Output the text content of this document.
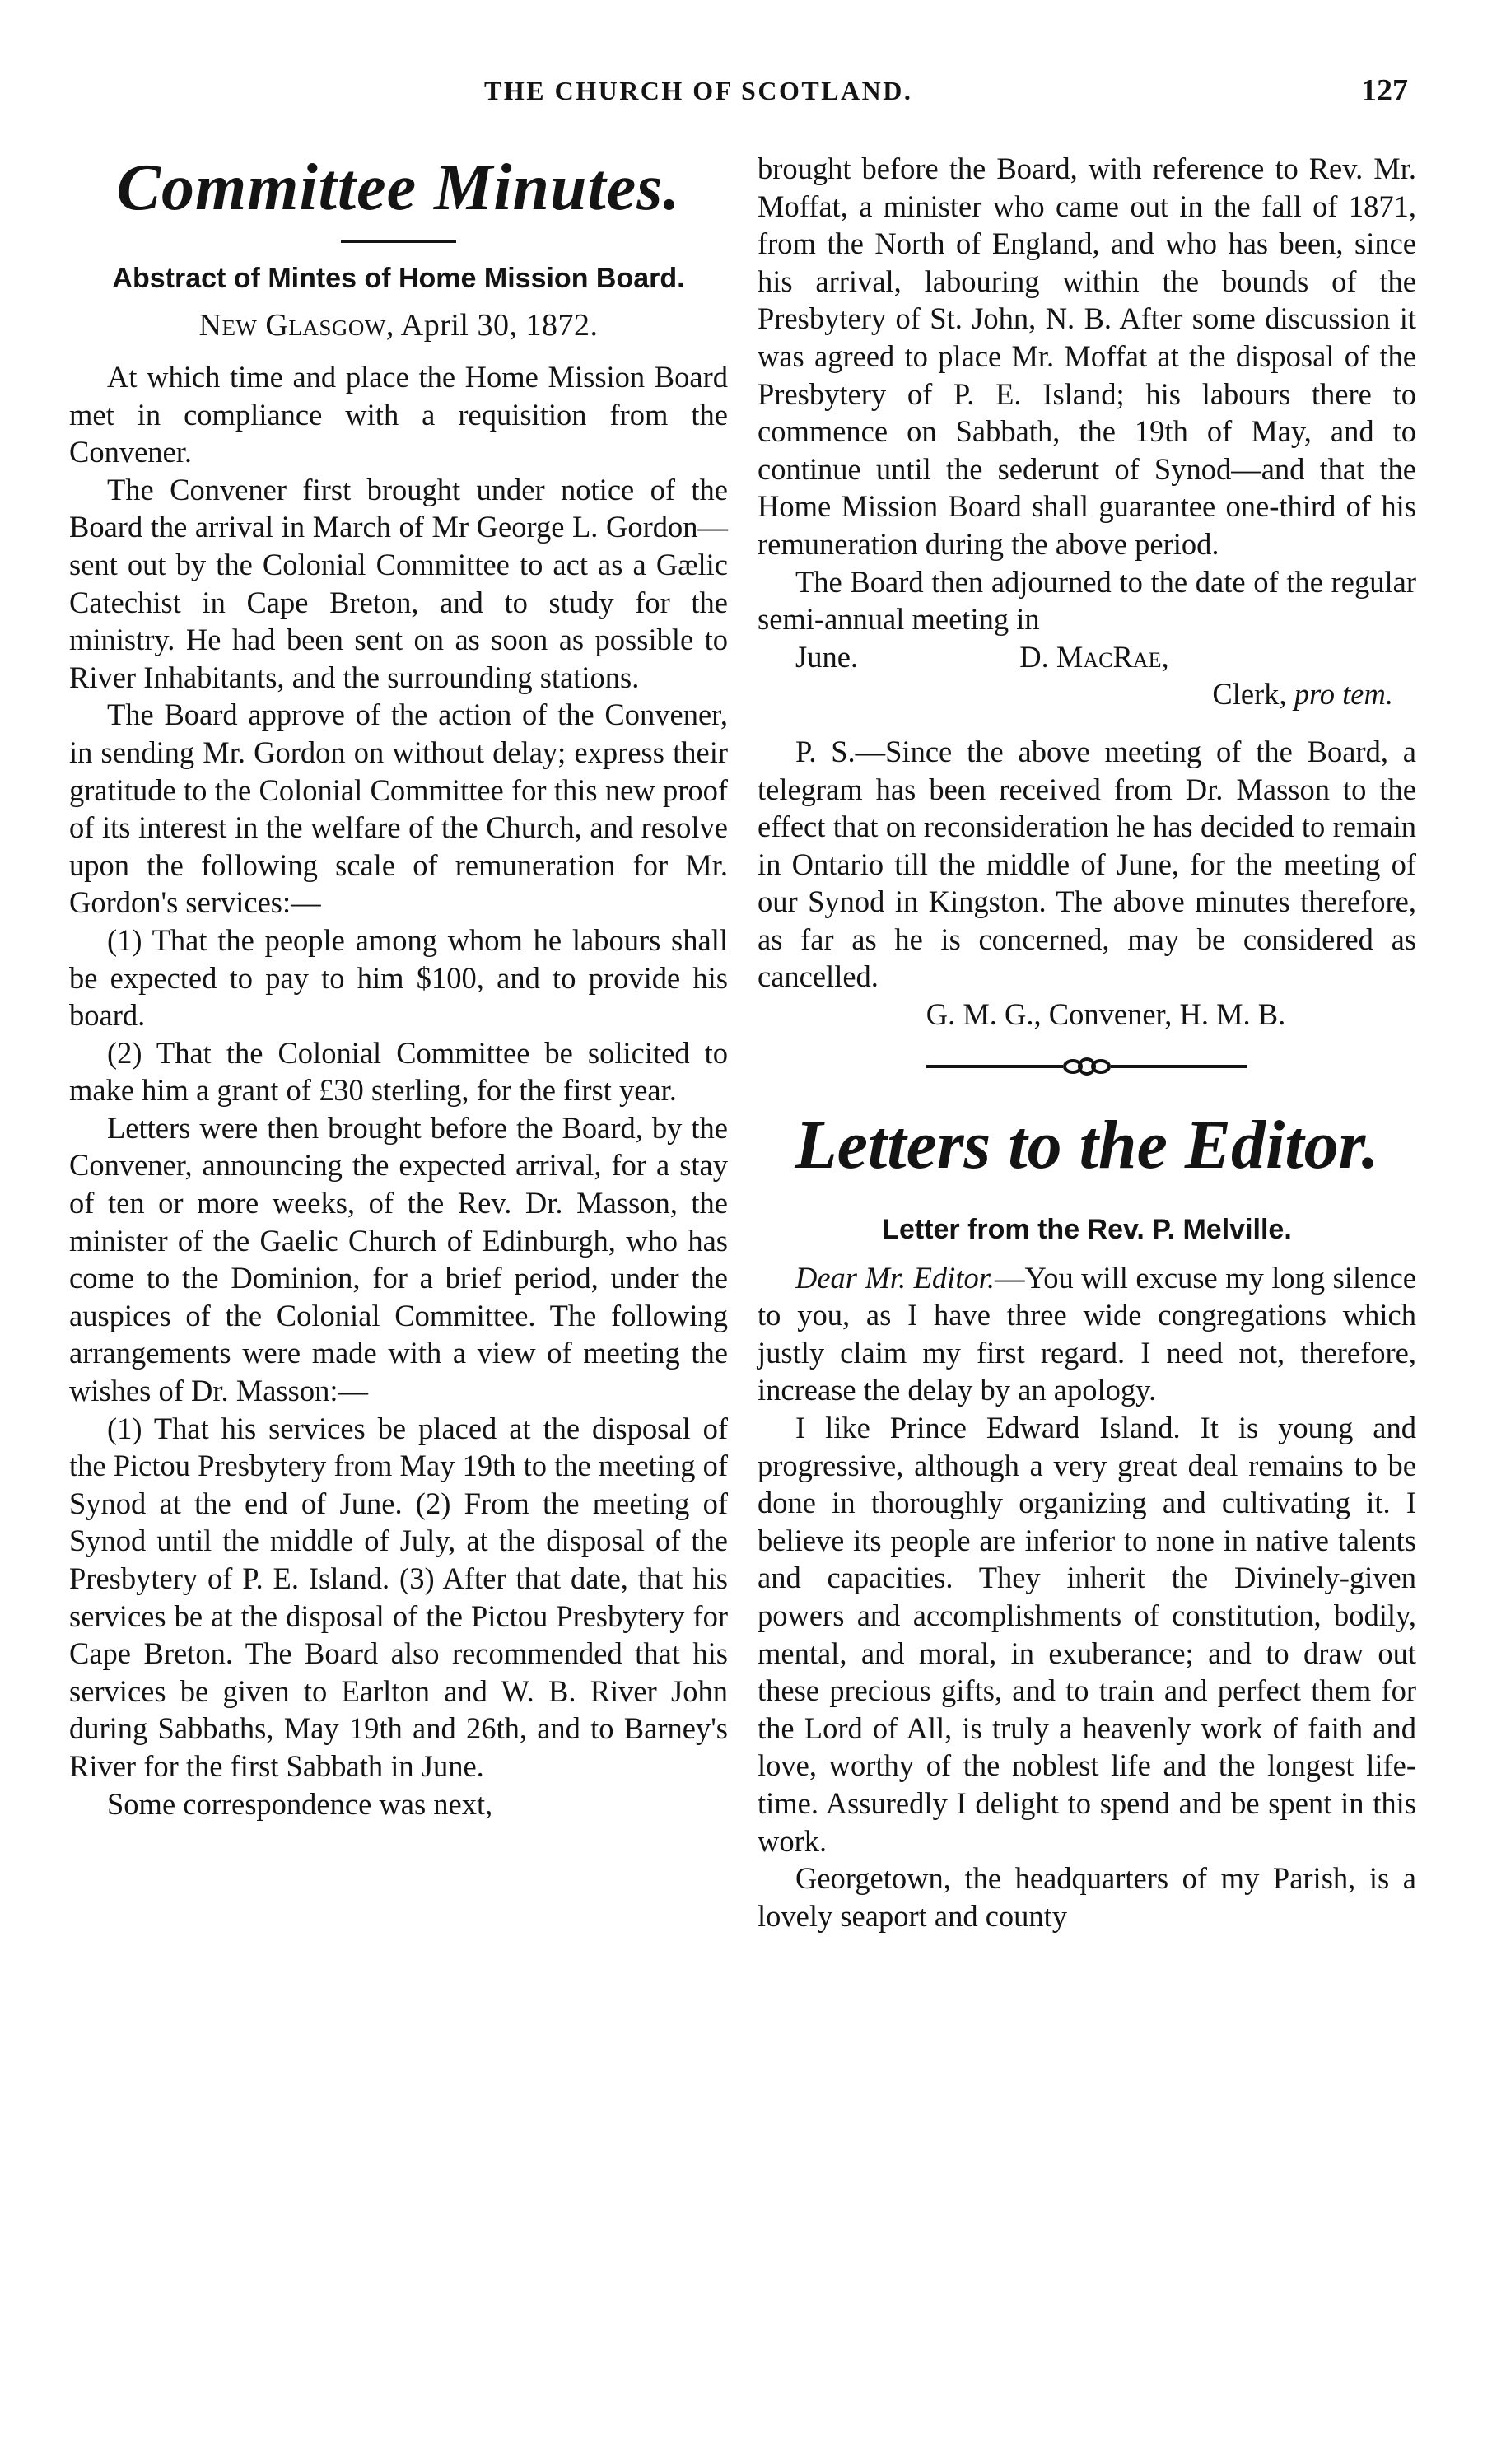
THE CHURCH OF SCOTLAND.	127
Committee Minutes.
Abstract of Mintes of Home Mission Board.
New Glasgow, April 30, 1872.

At which time and place the Home Mission Board met in compliance with a requisition from the Convener.

The Convener first brought under notice of the Board the arrival in March of Mr George L. Gordon—sent out by the Colonial Committee to act as a Gælic Catechist in Cape Breton, and to study for the ministry. He had been sent on as soon as possible to River Inhabitants, and the surrounding stations.

The Board approve of the action of the Convener, in sending Mr. Gordon on without delay; express their gratitude to the Colonial Committee for this new proof of its interest in the welfare of the Church, and resolve upon the following scale of remuneration for Mr. Gordon's services:—

(1) That the people among whom he labours shall be expected to pay to him $100, and to provide his board.

(2) That the Colonial Committee be solicited to make him a grant of £30 sterling, for the first year.

Letters were then brought before the Board, by the Convener, announcing the expected arrival, for a stay of ten or more weeks, of the Rev. Dr. Masson, the minister of the Gaelic Church of Edinburgh, who has come to the Dominion, for a brief period, under the auspices of the Colonial Committee. The following arrangements were made with a view of meeting the wishes of Dr. Masson:—

(1) That his services be placed at the disposal of the Pictou Presbytery from May 19th to the meeting of Synod at the end of June. (2) From the meeting of Synod until the middle of July, at the disposal of the Presbytery of P. E. Island. (3) After that date, that his services be at the disposal of the Pictou Presbytery for Cape Breton. The Board also recommended that his services be given to Earlton and W. B. River John during Sabbaths, May 19th and 26th, and to Barney's River for the first Sabbath in June.

Some correspondence was next,

brought before the Board, with reference to Rev. Mr. Moffat, a minister who came out in the fall of 1871, from the North of England, and who has been, since his arrival, labouring within the bounds of the Presbytery of St. John, N. B. After some discussion it was agreed to place Mr. Moffat at the disposal of the Presbytery of P. E. Island; his labours there to commence on Sabbath, the 19th of May, and to continue until the sederunt of Synod—and that the Home Mission Board shall guarantee one-third of his remuneration during the above period.

The Board then adjourned to the date of the regular semi-annual meeting in

June.	D. MacRae,

Clerk, pro tem.

P. S.—Since the above meeting of the Board, a telegram has been received from Dr. Masson to the effect that on reconsideration he has decided to remain in Ontario till the middle of June, for the meeting of our Synod in Kingston. The above minutes therefore, as far as he is concerned, may be considered as cancelled.

G. M. G., Convener, H. M. B.

Letters to the Editor.
Letter from the Rev. P. Melville.

Dear Mr. Editor.—You will excuse my long silence to you, as I have three wide congregations which justly claim my first regard. I need not, therefore, increase the delay by an apology.

I like Prince Edward Island. It is young and progressive, although a very great deal remains to be done in thoroughly organizing and cultivating it. I believe its people are inferior to none in native talents and capacities. They inherit the Divinely-given powers and accomplishments of constitution, bodily, mental, and moral, in exuberance; and to draw out these precious gifts, and to train and perfect them for the Lord of All, is truly a heavenly work of faith and love, worthy of the noblest life and the longest life-time. Assuredly I delight to spend and be spent in this work.

Georgetown, the headquarters of my Parish, is a lovely seaport and county
